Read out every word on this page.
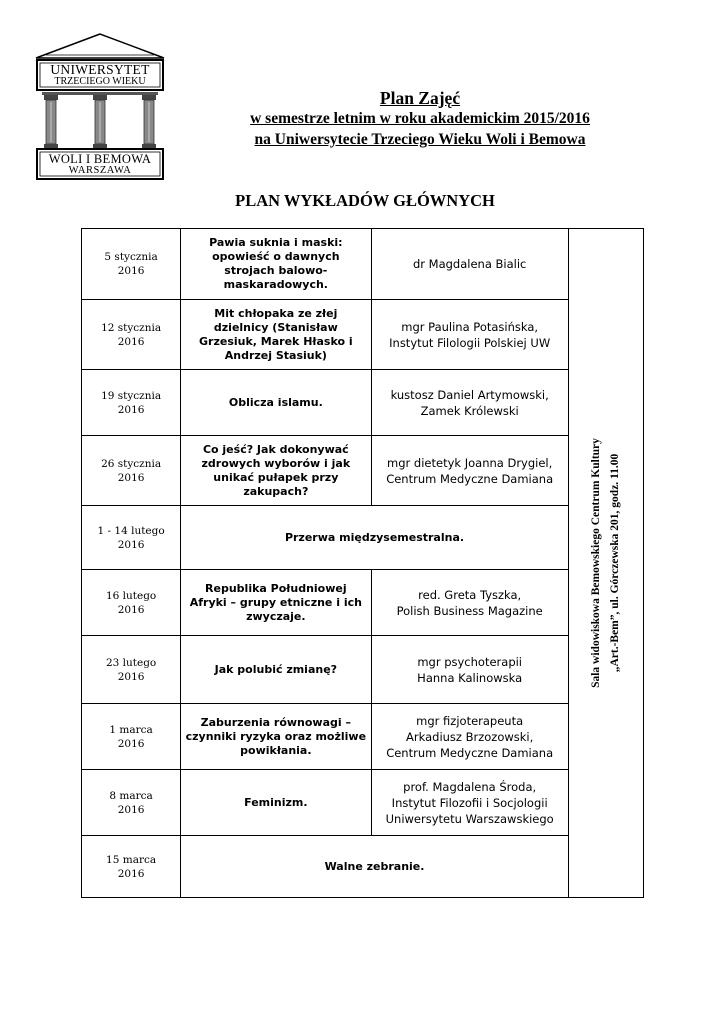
UNIWERSYTET
TRZECIEGO WIEKU
WOLI I BEMOWA
WARSZAWA
Plan Zajęć
w semestrze letnim w roku akademickim 2015/2016
na Uniwersytecie Trzeciego Wieku Woli i Bemowa
PLAN WYKŁADÓW GŁÓWNYCH
5 stycznia
2016	Pawia suknia i maski: opowieść o dawnych strojach balowo-maskaradowych.	dr Magdalena Bialic	Sala widowiskowa Bemowskiego Centrum Kultury „Art.-Bem”, ul. Górczewska 201, godz. 11.00

12 stycznia
2016	Mit chłopaka ze złej dzielnicy (Stanisław Grzesiuk, Marek Hłasko i Andrzej Stasiuk)	mgr Paulina Potasińska,
Instytut Filologii Polskiej UW	

19 stycznia
2016	Oblicza islamu.	kustosz Daniel Artymowski,
Zamek Królewski	

26 stycznia
2016	Co jeść? Jak dokonywać zdrowych wyborów i jak unikać pułapek przy zakupach?	mgr dietetyk Joanna Drygiel,
Centrum Medyczne Damiana	

1 - 14 lutego
2016	Przerwa międzysemestralna.		

16 lutego
2016	Republika Południowej Afryki – grupy etniczne i ich zwyczaje.	red. Greta Tyszka,
Polish Business Magazine	

23 lutego
2016	Jak polubić zmianę?	mgr psychoterapii
Hanna Kalinowska	

1 marca
2016	Zaburzenia równowagi – czynniki ryzyka oraz możliwe powikłania.	mgr fizjoterapeuta
Arkadiusz Brzozowski,
Centrum Medyczne Damiana	

8 marca
2016	Feminizm.	prof. Magdalena Środa,
Instytut Filozofii i Socjologii
Uniwersytetu Warszawskiego	

15 marca
2016	Walne zebranie.		
